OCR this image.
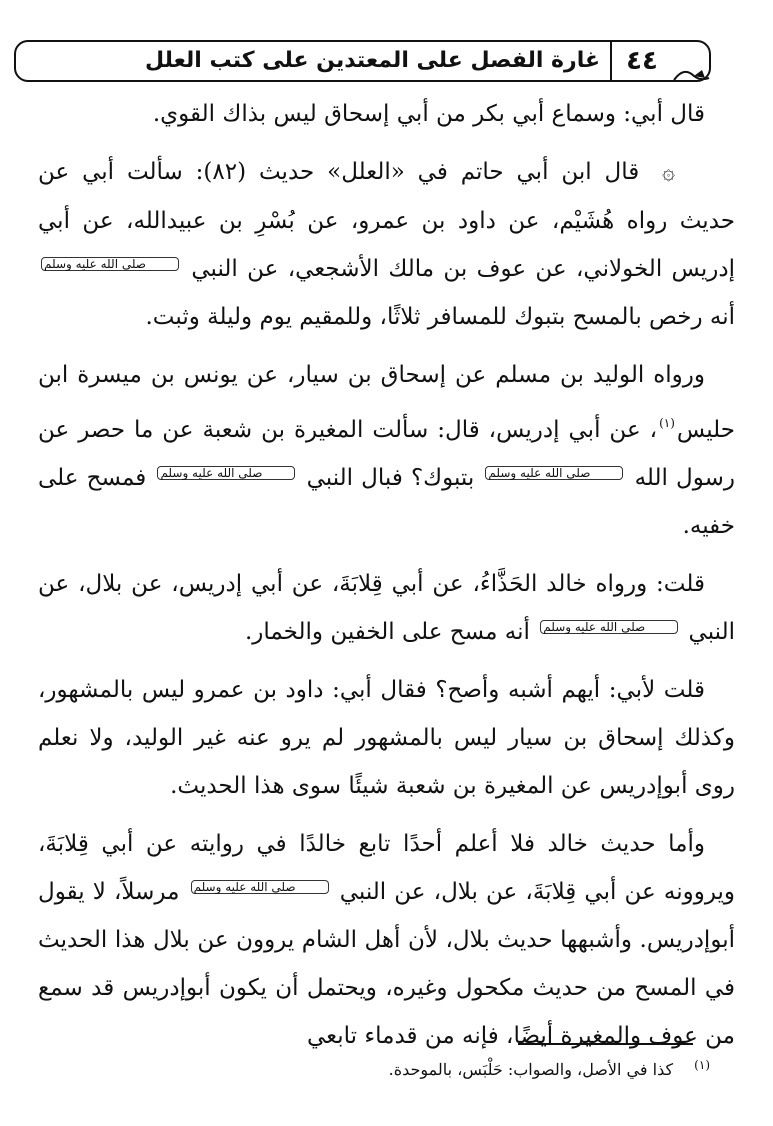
غارة الفصل على المعتدين على كتب العلل	٤٤

قال أبي: وسماع أبي بكر من أبي إسحاق ليس بذاك القوي.

۞ قال ابن أبي حاتم في «العلل» حديث (٨٢): سألت أبي عن حديث رواه هُشَيْم، عن داود بن عمرو، عن بُسْرِ بن عبيدالله، عن أبي إدريس الخولاني، عن عوف بن مالك الأشجعي، عن النبي صلى الله عليه وسلم أنه رخص بالمسح بتبوك للمسافر ثلاثًا، وللمقيم يوم وليلة وثبت.

ورواه الوليد بن مسلم عن إسحاق بن سيار، عن يونس بن ميسرة ابن حليس$^{(١)}$، عن أبي إدريس، قال: سألت المغيرة بن شعبة عن ما حصر عن رسول الله صلى الله عليه وسلم بتبوك؟ فبال النبي صلى الله عليه وسلم فمسح على خفيه.

قلت: ورواه خالد الحَذَّاءُ، عن أبي قِلابَةَ، عن أبي إدريس، عن بلال، عن النبي صلى الله عليه وسلم أنه مسح على الخفين والخمار.

قلت لأبي: أيهم أشبه وأصح؟ فقال أبي: داود بن عمرو ليس بالمشهور، وكذلك إسحاق بن سيار ليس بالمشهور لم يرو عنه غير الوليد، ولا نعلم روى أبوإدريس عن المغيرة بن شعبة شيئًا سوى هذا الحديث.

وأما حديث خالد فلا أعلم أحدًا تابع خالدًا في روايته عن أبي قِلابَةَ، ويروونه عن أبي قِلابَةَ، عن بلال، عن النبي صلى الله عليه وسلم مرسلاً، لا يقول أبوإدريس. وأشبهها حديث بلال، لأن أهل الشام يروون عن بلال هذا الحديث في المسح من حديث مكحول وغيره، ويحتمل أن يكون أبوإدريس قد سمع من عوف والمغيرة أيضًا، فإنه من قدماء تابعي

$^{(١)}$ كذا في الأصل، والصواب: حَلْبَس، بالموحدة.
